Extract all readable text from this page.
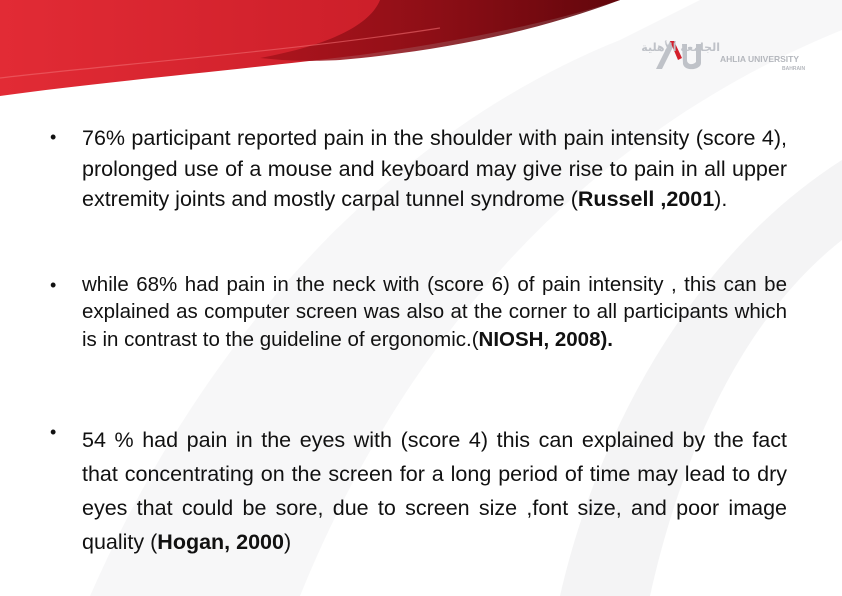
الجامعة الأهلية
AHLIA UNIVERSITY
BAHRAIN
• 76% participant reported pain in the shoulder with pain intensity (score 4), prolonged use of a mouse and keyboard may give rise to pain in all upper extremity joints and mostly carpal tunnel syndrome (Russell ,2001).
• while 68% had pain in the neck with (score 6) of pain intensity , this can be explained as computer screen was also at the corner to all participants which is in contrast to the guideline of ergonomic.(NIOSH, 2008).
• 54 % had pain in the eyes with (score 4) this can explained by the fact that concentrating on the screen for a long period of time may lead to dry eyes that could be sore, due to screen size ,font size, and poor image quality (Hogan, 2000)
